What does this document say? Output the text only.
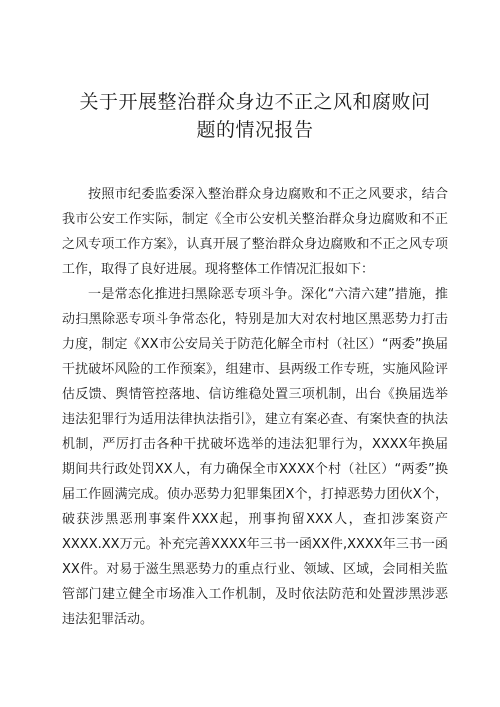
关于开展整治群众身边不正之风和腐败问
题的情况报告

按照市纪委监委深入整治群众身边腐败和不正之风要求，结合我市公安工作实际，制定《全市公安机关整治群众身边腐败和不正之风专项工作方案》，认真开展了整治群众身边腐败和不正之风专项工作，取得了良好进展。现将整体工作情况汇报如下：

一是常态化推进扫黑除恶专项斗争。深化“六清六建”措施，推动扫黑除恶专项斗争常态化，特别是加大对农村地区黑恶势力打击力度，制定《XX市公安局关于防范化解全市村（社区）“两委”换届干扰破坏风险的工作预案》，组建市、县两级工作专班，实施风险评估反馈、舆情管控落地、信访维稳处置三项机制，出台《换届选举违法犯罪行为适用法律执法指引》，建立有案必查、有案快查的执法机制，严厉打击各种干扰破坏选举的违法犯罪行为，XXXX年换届期间共行政处罚XX人，有力确保全市XXXX个村（社区）“两委”换届工作圆满完成。侦办恶势力犯罪集团X个，打掉恶势力团伙X个，破获涉黑恶刑事案件XXX起，刑事拘留XXX人，查扣涉案资产XXXX.XX万元。补充完善XXXX年三书一函XX件,XXXX年三书一函XX件。对易于滋生黑恶势力的重点行业、领域、区域，会同相关监管部门建立健全市场准入工作机制，及时依法防范和处置涉黑涉恶违法犯罪活动。
